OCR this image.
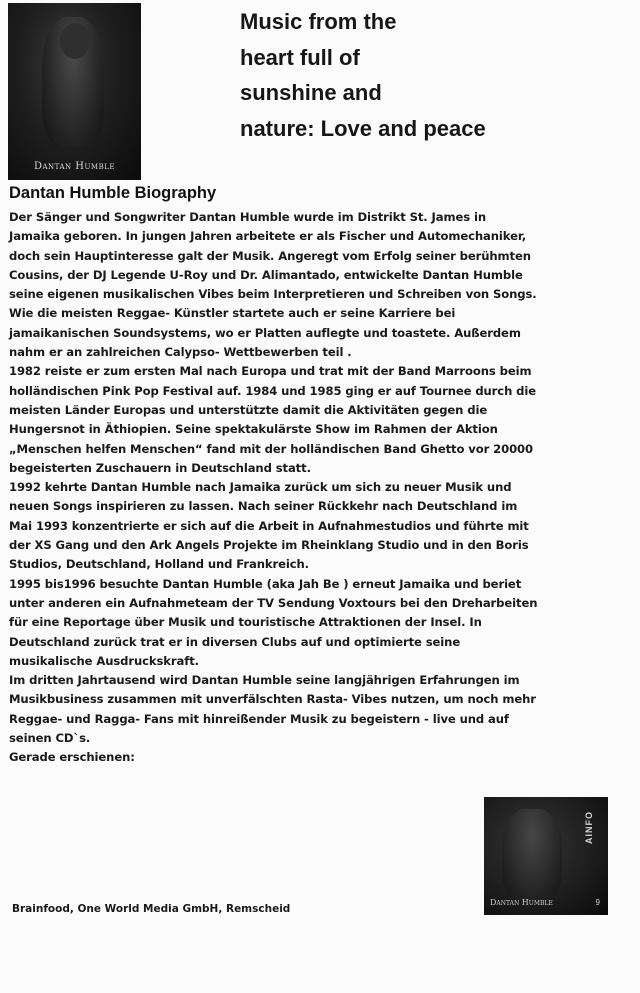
Dantan Humble
Music from the
heart full of
sunshine and
nature: Love and peace
Dantan Humble Biography

Der Sänger und Songwriter Dantan Humble wurde im Distrikt St. James in
Jamaika geboren. In jungen Jahren arbeitete er als Fischer und Automechaniker,
doch sein Hauptinteresse galt der Musik. Angeregt vom Erfolg seiner berühmten
Cousins, der DJ Legende U-Roy und Dr. Alimantado, entwickelte Dantan Humble
seine eigenen musikalischen Vibes beim Interpretieren und Schreiben von Songs.
Wie die meisten Reggae- Künstler startete auch er seine Karriere bei
jamaikanischen Soundsystems, wo er Platten auflegte und toastete. Außerdem
nahm er an zahlreichen Calypso- Wettbewerben teil .
1982 reiste er zum ersten Mal nach Europa und trat mit der Band Marroons beim
holländischen Pink Pop Festival auf. 1984 und 1985 ging er auf Tournee durch die
meisten Länder Europas und unterstützte damit die Aktivitäten gegen die
Hungersnot in Äthiopien. Seine spektakulärste Show im Rahmen der Aktion
„Menschen helfen Menschen“ fand mit der holländischen Band Ghetto vor 20000
begeisterten Zuschauern in Deutschland statt.
1992 kehrte Dantan Humble nach Jamaika zurück um sich zu neuer Musik und
neuen Songs inspirieren zu lassen. Nach seiner Rückkehr nach Deutschland im
Mai 1993 konzentrierte er sich auf die Arbeit in Aufnahmestudios und führte mit
der XS Gang und den Ark Angels Projekte im Rheinklang Studio und in den Boris
Studios, Deutschland, Holland und Frankreich.
1995 bis1996 besuchte Dantan Humble (aka Jah Be ) erneut Jamaika und beriet
unter anderen ein Aufnahmeteam der TV Sendung Voxtours bei den Dreharbeiten
für eine Reportage über Musik und touristische Attraktionen der Insel. In
Deutschland zurück trat er in diversen Clubs auf und optimierte seine
musikalische Ausdruckskraft.
Im dritten Jahrtausend wird Dantan Humble seine langjährigen Erfahrungen im
Musikbusiness zusammen mit unverfälschten Rasta- Vibes nutzen, um noch mehr
Reggae- und Ragga- Fans mit hinreißender Musik zu begeistern - live und auf
seinen CD`s.
Gerade erschienen:

AINFO
Dantan Humble	9

Brainfood, One World Media GmbH, Remscheid
